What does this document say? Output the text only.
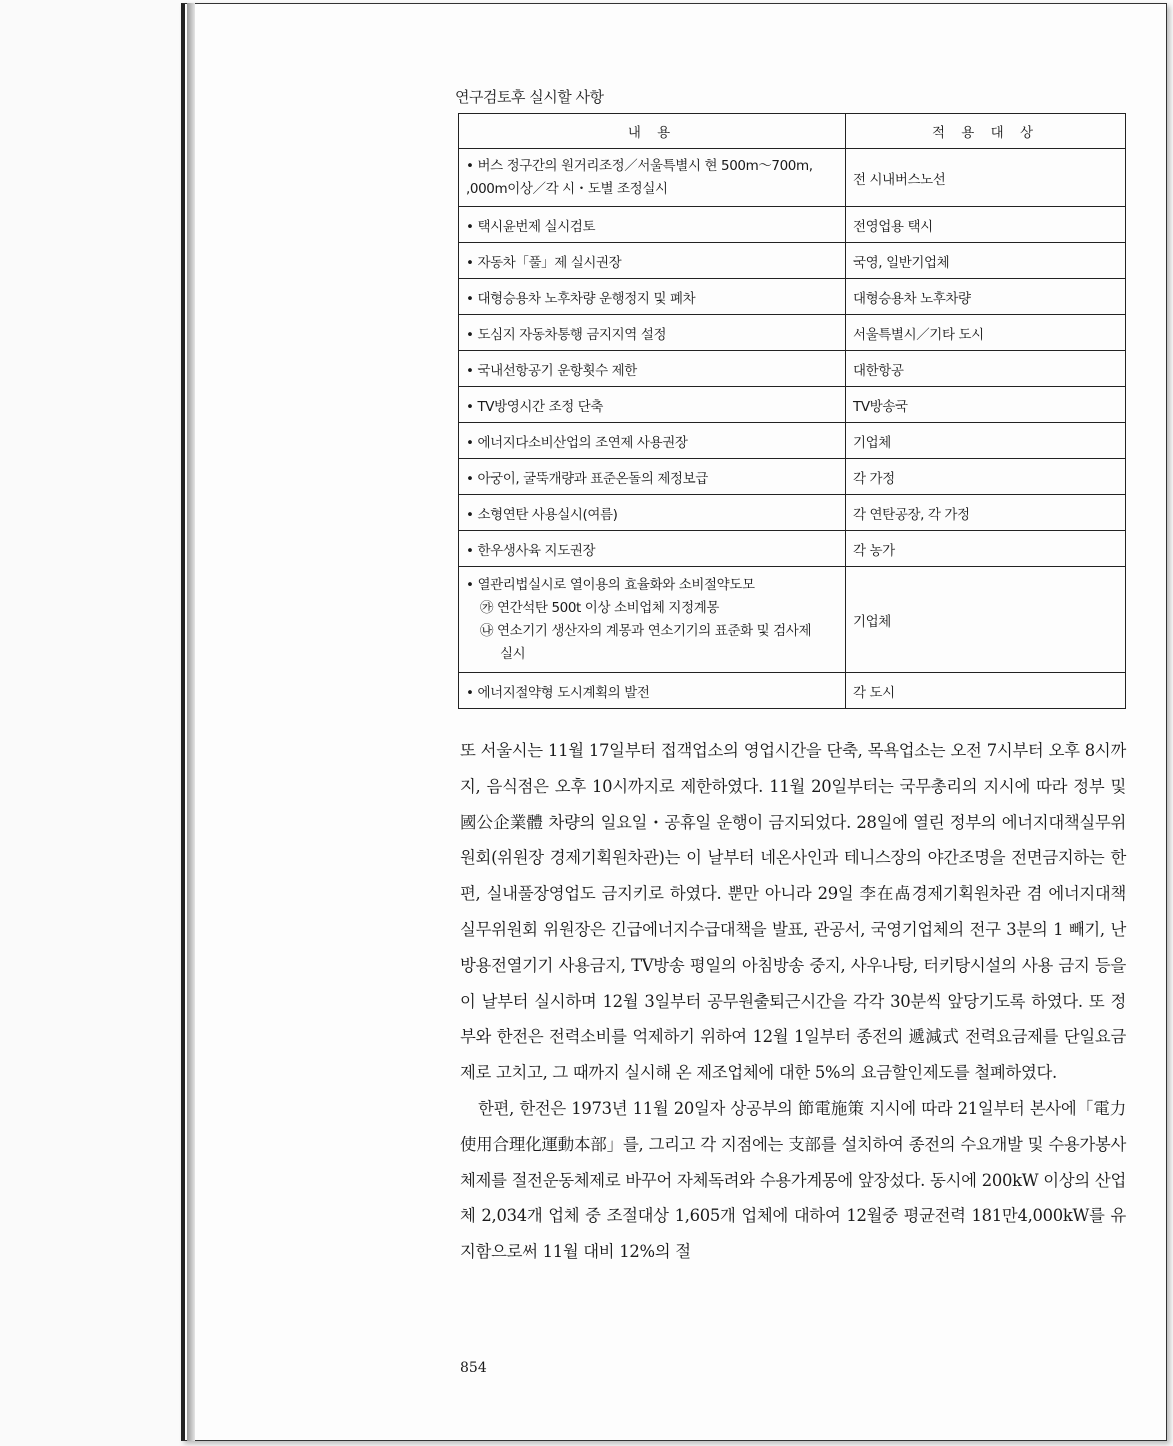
연구검토후 실시할 사항
내 용	적 용 대 상

• 버스 정구간의 원거리조정／서울특별시 현 500m～700m,
,000m이상／각 시・도별 조정실시	전 시내버스노선
• 택시윤번제 실시검토	전영업용 택시
• 자동차「풀」제 실시권장	국영, 일반기업체
• 대형승용차 노후차량 운행정지 및 폐차	대형승용차 노후차량
• 도심지 자동차통행 금지지역 설정	서울특별시／기타 도시
• 국내선항공기 운항횟수 제한	대한항공
• TV방영시간 조정 단축	TV방송국
• 에너지다소비산업의 조연제 사용권장	기업체
• 아궁이, 굴뚝개량과 표준온돌의 제정보급	각 가정
• 소형연탄 사용실시(여름)	각 연탄공장, 각 가정
• 한우생사육 지도권장	각 농가

• 열관리법실시로 열이용의 효율화와 소비절약도모
㉮ 연간석탄 500t 이상 소비업체 지정계몽
㉯ 연소기기 생산자의 계몽과 연소기기의 표준화 및 검사제
실시	기업체
• 에너지절약형 도시계획의 발전	각 도시

또 서울시는 11월 17일부터 접객업소의 영업시간을 단축, 목욕업소는 오전 7시부터 오후 8시까지, 음식점은 오후 10시까지로 제한하였다. 11월 20일부터는 국무총리의 지시에 따라 정부 및 國公企業體 차량의 일요일・공휴일 운행이 금지되었다. 28일에 열린 정부의 에너지대책실무위원회(위원장 경제기획원차관)는 이 날부터 네온사인과 테니스장의 야간조명을 전면금지하는 한편, 실내풀장영업도 금지키로 하였다. 뿐만 아니라 29일 李在卨경제기획원차관 겸 에너지대책실무위원회 위원장은 긴급에너지수급대책을 발표, 관공서, 국영기업체의 전구 3분의 1 빼기, 난방용전열기기 사용금지, TV방송 평일의 아침방송 중지, 사우나탕, 터키탕시설의 사용 금지 등을 이 날부터 실시하며 12월 3일부터 공무원출퇴근시간을 각각 30분씩 앞당기도록 하였다. 또 정부와 한전은 전력소비를 억제하기 위하여 12월 1일부터 종전의 遞減式 전력요금제를 단일요금제로 고치고, 그 때까지 실시해 온 제조업체에 대한 5%의 요금할인제도를 철폐하였다.

한편, 한전은 1973년 11월 20일자 상공부의 節電施策 지시에 따라 21일부터 본사에「電力使用合理化運動本部」를, 그리고 각 지점에는 支部를 설치하여 종전의 수요개발 및 수용가봉사체제를 절전운동체제로 바꾸어 자체독려와 수용가계몽에 앞장섰다. 동시에 200kW 이상의 산업체 2,034개 업체 중 조절대상 1,605개 업체에 대하여 12월중 평균전력 181만4,000kW를 유지함으로써 11월 대비 12%의 절

854
